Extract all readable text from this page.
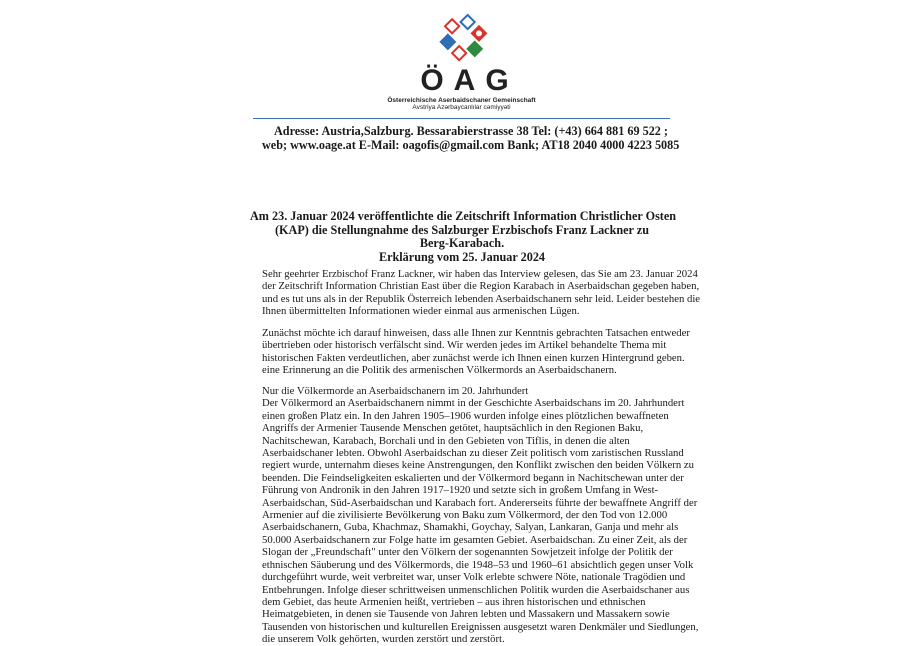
ÖAG
Österreichische Aserbaidschaner Gemeinschaft
Avstriya Azərbaycanlılar cəmiyyəti
Adresse: Austria,Salzburg. Bessarabierstrasse 38 Tel: (+43) 664 881 69 522 ;
web; www.oage.at E-Mail: oagofis@gmail.com Bank; AT18 2040 4000 4223 5085
Am 23. Januar 2024 veröffentlichte die Zeitschrift Information Christlicher Osten
(KAP) die Stellungnahme des Salzburger Erzbischofs Franz Lackner zu
Berg-Karabach.
Erklärung vom 25. Januar 2024
Sehr geehrter Erzbischof Franz Lackner, wir haben das Interview gelesen, das Sie am 23. Januar 2024
der Zeitschrift Information Christian East über die Region Karabach in Aserbaidschan gegeben haben,
und es tut uns als in der Republik Österreich lebenden Aserbaidschanern sehr leid. Leider bestehen die
Ihnen übermittelten Informationen wieder einmal aus armenischen Lügen.
Zunächst möchte ich darauf hinweisen, dass alle Ihnen zur Kenntnis gebrachten Tatsachen entweder
übertrieben oder historisch verfälscht sind. Wir werden jedes im Artikel behandelte Thema mit
historischen Fakten verdeutlichen, aber zunächst werde ich Ihnen einen kurzen Hintergrund geben.
eine Erinnerung an die Politik des armenischen Völkermords an Aserbaidschanern.
Nur die Völkermorde an Aserbaidschanern im 20. Jahrhundert
Der Völkermord an Aserbaidschanern nimmt in der Geschichte Aserbaidschans im 20. Jahrhundert
einen großen Platz ein. In den Jahren 1905–1906 wurden infolge eines plötzlichen bewaffneten
Angriffs der Armenier Tausende Menschen getötet, hauptsächlich in den Regionen Baku,
Nachitschewan, Karabach, Borchali und in den Gebieten von Tiflis, in denen die alten
Aserbaidschaner lebten. Obwohl Aserbaidschan zu dieser Zeit politisch vom zaristischen Russland
regiert wurde, unternahm dieses keine Anstrengungen, den Konflikt zwischen den beiden Völkern zu
beenden. Die Feindseligkeiten eskalierten und der Völkermord begann in Nachitschewan unter der
Führung von Andronik in den Jahren 1917–1920 und setzte sich in großem Umfang in West-
Aserbaidschan, Süd-Aserbaidschan und Karabach fort. Andererseits führte der bewaffnete Angriff der
Armenier auf die zivilisierte Bevölkerung von Baku zum Völkermord, der den Tod von 12.000
Aserbaidschanern, Guba, Khachmaz, Shamakhi, Goychay, Salyan, Lankaran, Ganja und mehr als
50.000 Aserbaidschanern zur Folge hatte im gesamten Gebiet. Aserbaidschan. Zu einer Zeit, als der
Slogan der „Freundschaft" unter den Völkern der sogenannten Sowjetzeit infolge der Politik der
ethnischen Säuberung und des Völkermords, die 1948–53 und 1960–61 absichtlich gegen unser Volk
durchgeführt wurde, weit verbreitet war, unser Volk erlebte schwere Nöte, nationale Tragödien und
Entbehrungen. Infolge dieser schrittweisen unmenschlichen Politik wurden die Aserbaidschaner aus
dem Gebiet, das heute Armenien heißt, vertrieben – aus ihren historischen und ethnischen
Heimatgebieten, in denen sie Tausende von Jahren lebten und Massakern und Massakern sowie
Tausenden von historischen und kulturellen Ereignissen ausgesetzt waren Denkmäler und Siedlungen,
die unserem Volk gehörten, wurden zerstört und zerstört.
